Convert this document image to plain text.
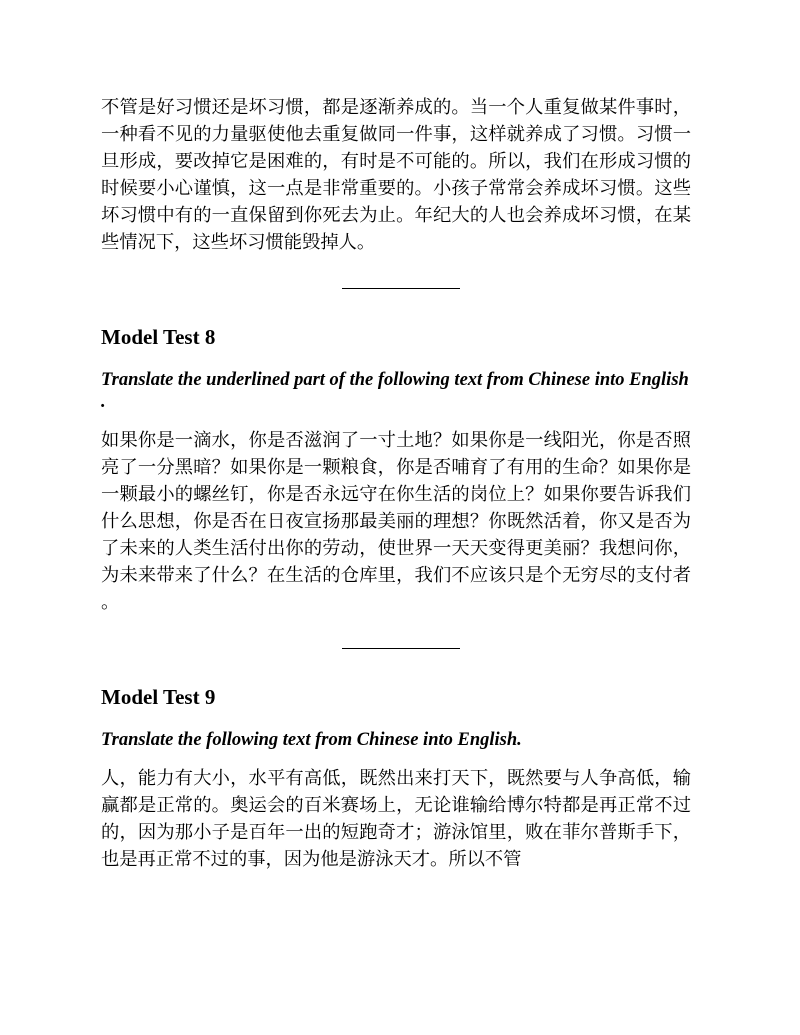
不管是好习惯还是坏习惯，都是逐渐养成的。当一个人重复做某件事时，一种看不见的力量驱使他去重复做同一件事，这样就养成了习惯。习惯一旦形成，要改掉它是困难的，有时是不可能的。所以，我们在形成习惯的时候要小心谨慎，这一点是非常重要的。小孩子常常会养成坏习惯。这些坏习惯中有的一直保留到你死去为止。年纪大的人也会养成坏习惯，在某些情况下，这些坏习惯能毁掉人。

Model Test 8

Translate the underlined part of the following text from Chinese into English.

如果你是一滴水，你是否滋润了一寸土地？如果你是一线阳光，你是否照亮了一分黑暗？如果你是一颗粮食，你是否哺育了有用的生命？如果你是一颗最小的螺丝钉，你是否永远守在你生活的岗位上？如果你要告诉我们什么思想，你是否在日夜宣扬那最美丽的理想？你既然活着，你又是否为了未来的人类生活付出你的劳动，使世界一天天变得更美丽？我想问你，为未来带来了什么？在生活的仓库里，我们不应该只是个无穷尽的支付者。

Model Test 9

Translate the following text from Chinese into English.

人，能力有大小，水平有高低，既然出来打天下，既然要与人争高低，输赢都是正常的。奥运会的百米赛场上，无论谁输给博尔特都是再正常不过的，因为那小子是百年一出的短跑奇才；游泳馆里，败在菲尔普斯手下，也是再正常不过的事，因为他是游泳天才。所以不管
